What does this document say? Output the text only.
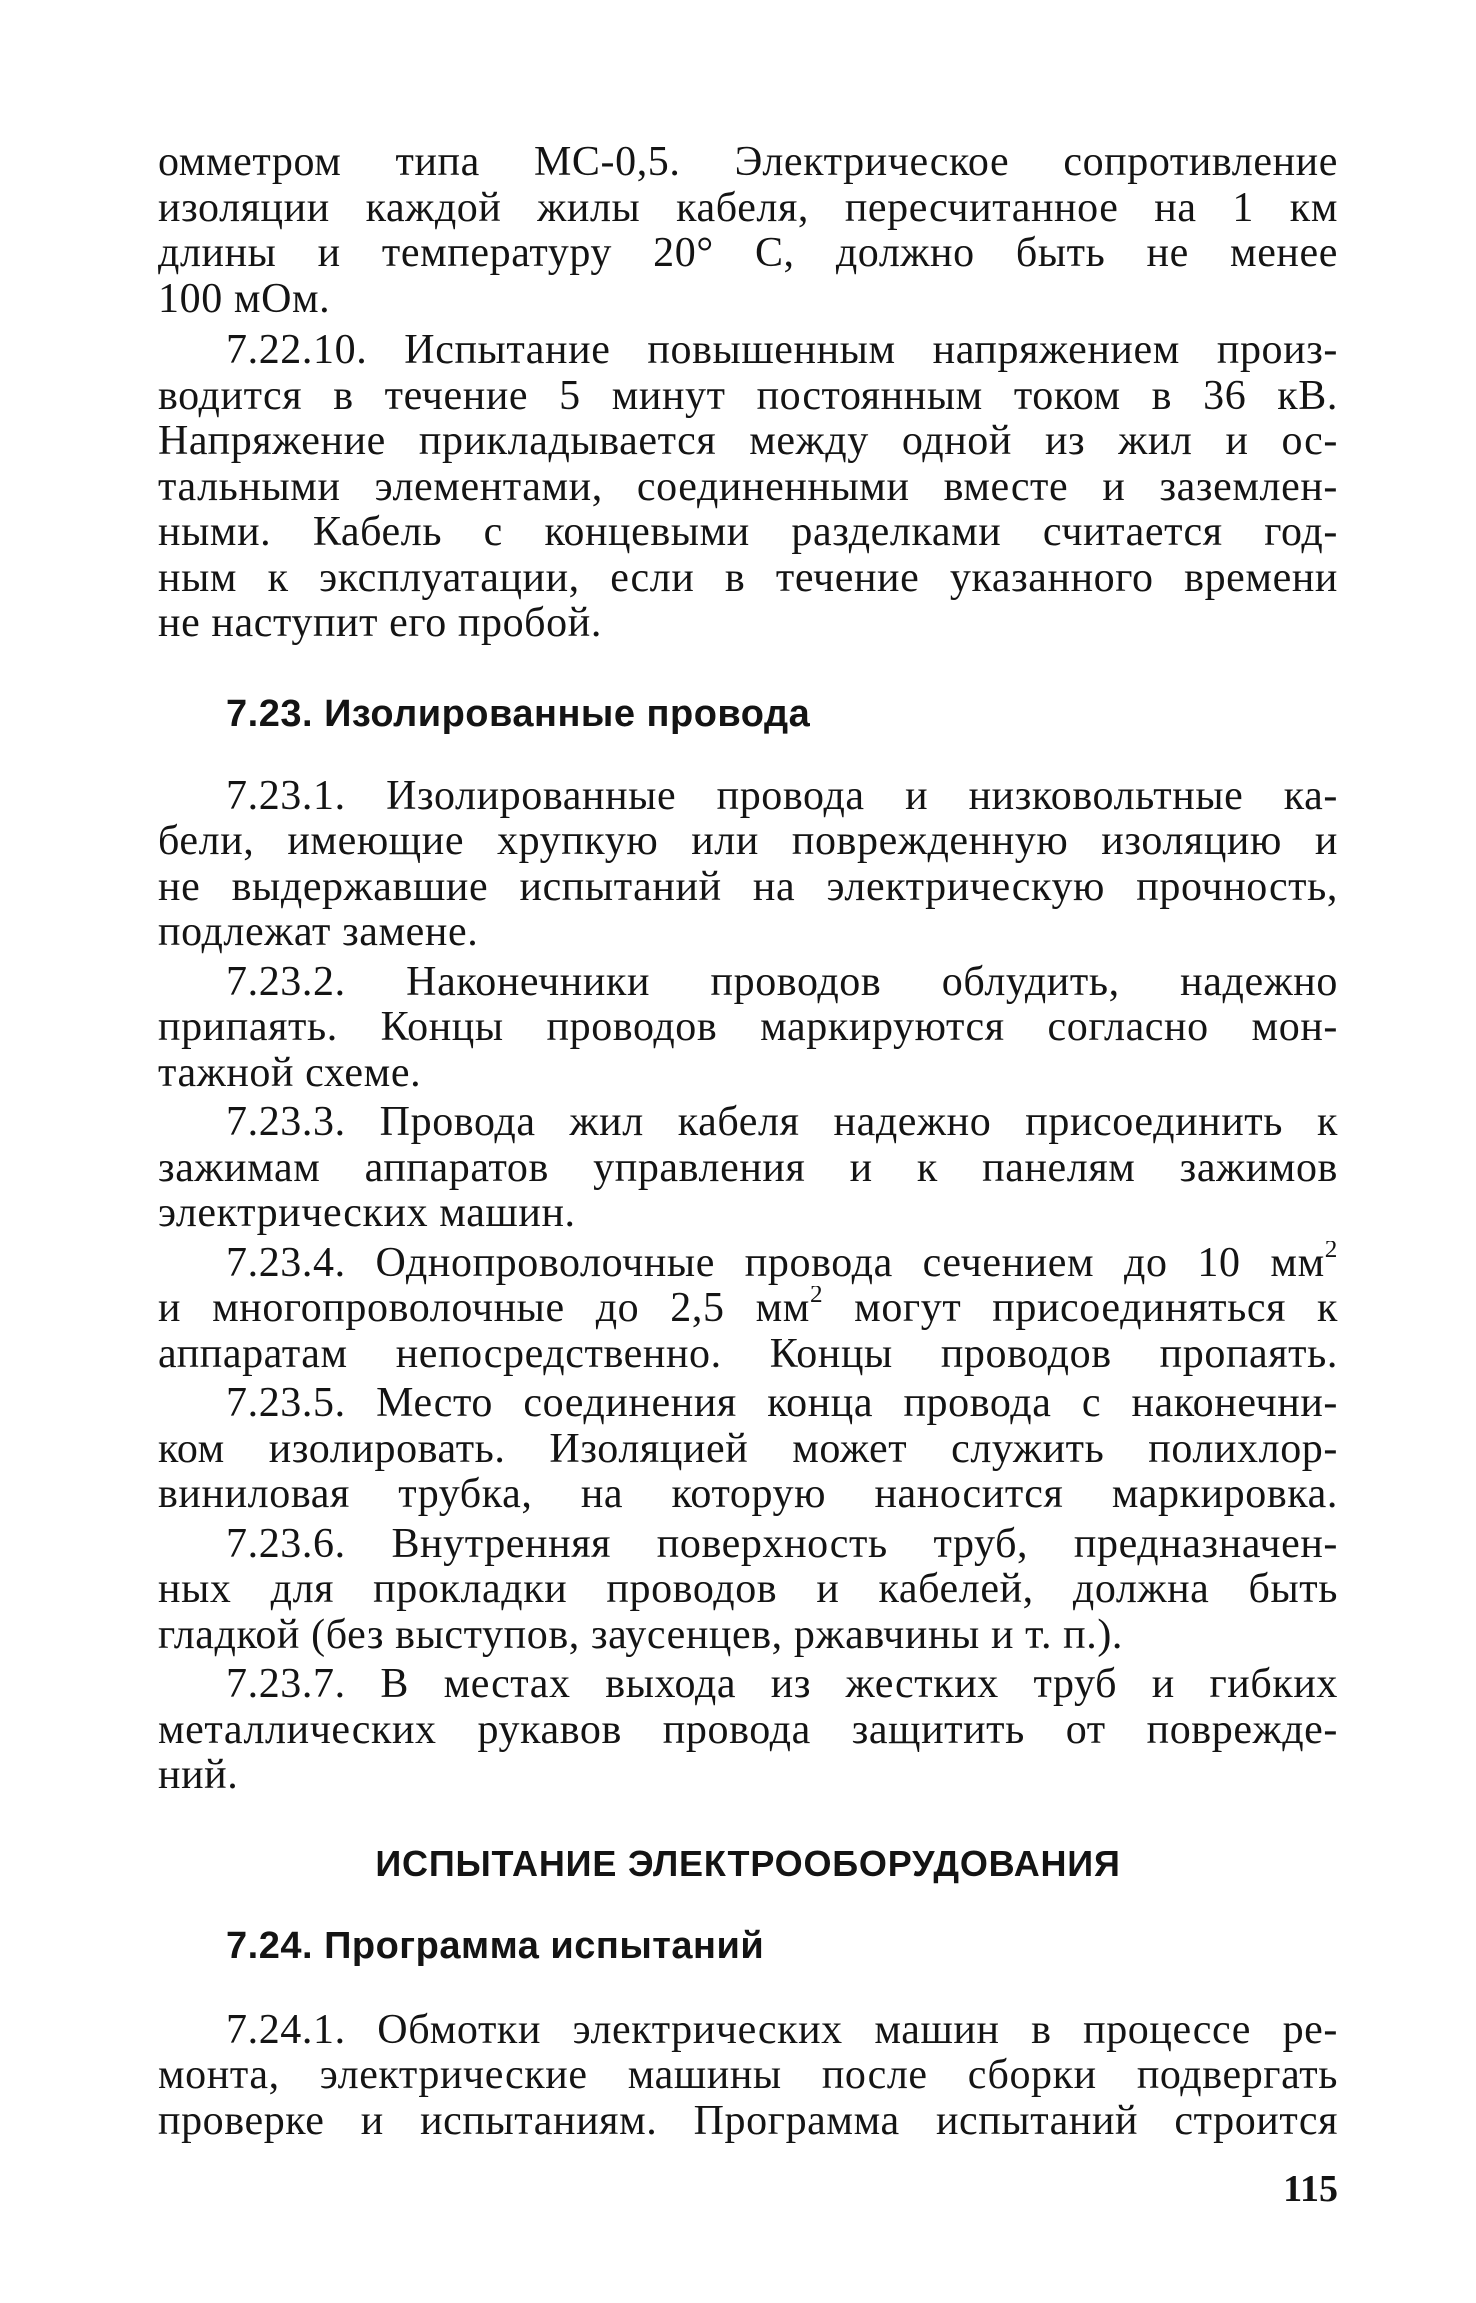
омметром типа МС-0,5. Электрическое сопротивление
изоляции каждой жилы кабеля, пересчитанное на 1 км
длины и температуру 20° С, должно быть не менее
100 мОм.
7.22.10. Испытание повышенным напряжением произ-
водится в течение 5 минут постоянным током в 36 кВ.
Напряжение прикладывается между одной из жил и ос-
тальными элементами, соединенными вместе и заземлен-
ными. Кабель с концевыми разделками считается год-
ным к эксплуатации, если в течение указанного времени
не наступит его пробой.
7.23. Изолированные провода
7.23.1. Изолированные провода и низковольтные ка-
бели, имеющие хрупкую или поврежденную изоляцию и
не выдержавшие испытаний на электрическую прочность,
подлежат замене.
7.23.2. Наконечники проводов облудить, надежно
припаять. Концы проводов маркируются согласно мон-
тажной схеме.
7.23.3. Провода жил кабеля надежно присоединить к
зажимам аппаратов управления и к панелям зажимов
электрических машин.
7.23.4. Однопроволочные провода сечением до 10 $мм^2$
и многопроволочные до 2,5 $мм^2$ могут присоединяться к
аппаратам непосредственно. Концы проводов пропаять.
7.23.5. Место соединения конца провода с наконечни-
ком изолировать. Изоляцией может служить полихлор-
виниловая трубка, на которую наносится маркировка.
7.23.6. Внутренняя поверхность труб, предназначен-
ных для прокладки проводов и кабелей, должна быть
гладкой (без выступов, заусенцев, ржавчины и т. п.).
7.23.7. В местах выхода из жестких труб и гибких
металлических рукавов провода защитить от поврежде-
ний.
ИСПЫТАНИЕ ЭЛЕКТРООБОРУДОВАНИЯ
7.24. Программа испытаний
7.24.1. Обмотки электрических машин в процессе ре-
монта, электрические машины после сборки подвергать
проверке и испытаниям. Программа испытаний строится
115
